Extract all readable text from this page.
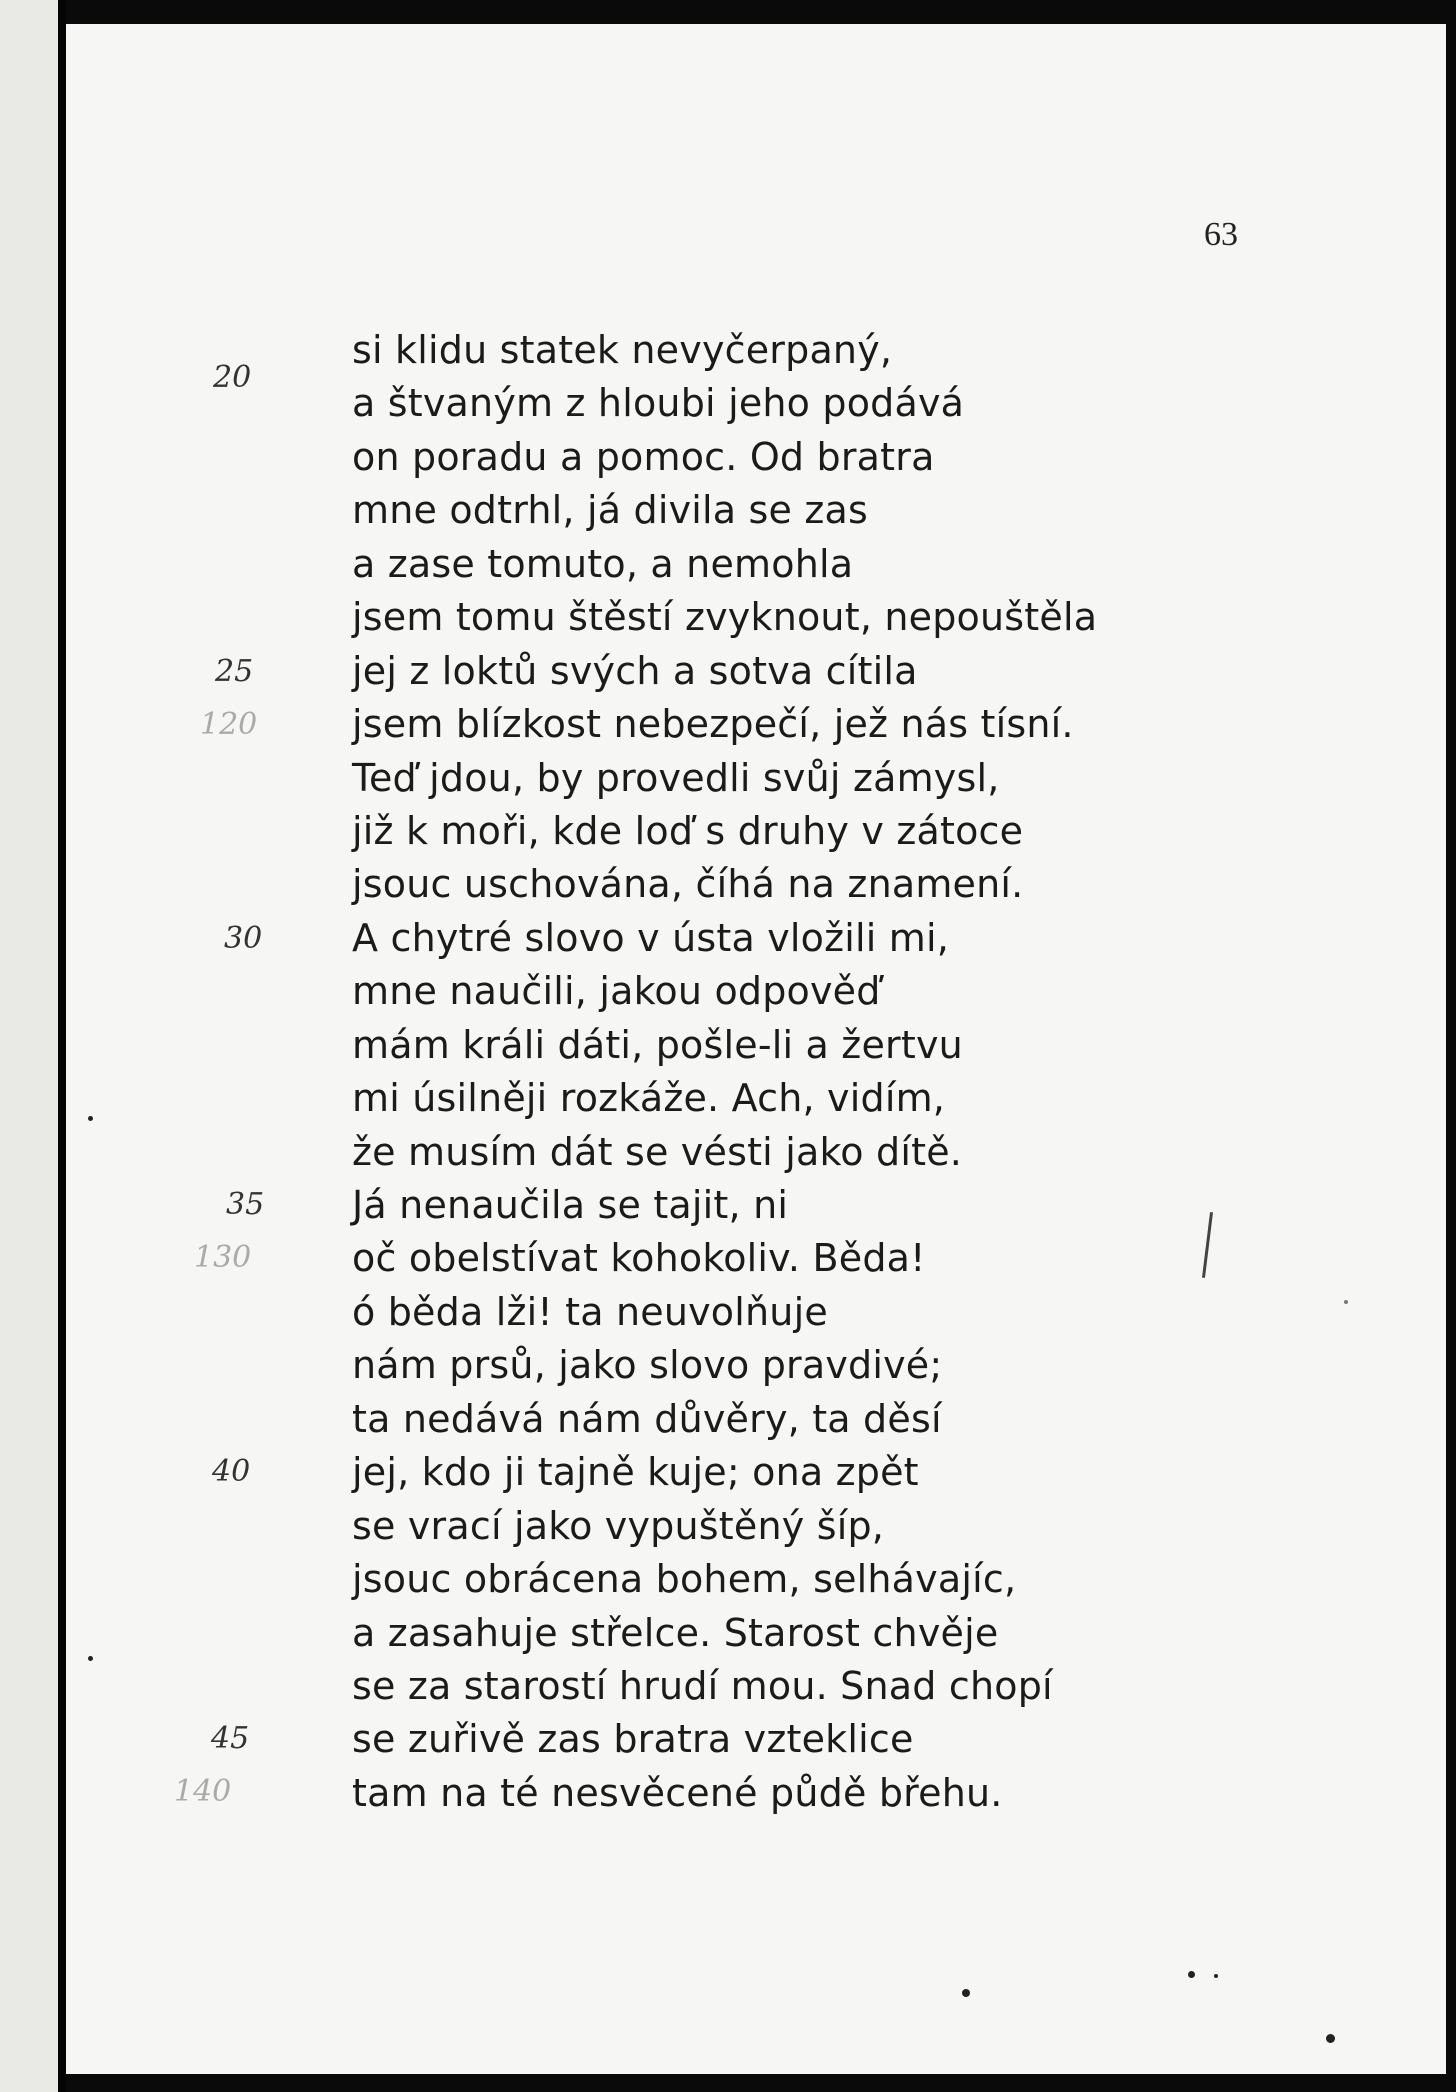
63

si klidu statek nevyčerpaný,
a štvaným z hloubi jeho podává
on poradu a pomoc. Od bratra
mne odtrhl, já divila se zas
a zase tomuto, a nemohla
jsem tomu štěstí zvyknout, nepouštěla
jej z loktů svých a sotva cítila
jsem blízkost nebezpečí, jež nás tísní.
Teď jdou, by provedli svůj zámysl,
již k moři, kde loď s druhy v zátoce
jsouc uschována, číhá na znamení.
A chytré slovo v ústa vložili mi,
mne naučili, jakou odpověď
mám králi dáti, pošle-li a žertvu
mi úsilněji rozkáže. Ach, vidím,
že musím dát se vésti jako dítě.
Já nenaučila se tajit, ni
oč obelstívat kohokoliv. Běda!
ó běda lži! ta neuvolňuje
nám prsů, jako slovo pravdivé;
ta nedává nám důvěry, ta děsí
jej, kdo ji tajně kuje; ona zpět
se vrací jako vypuštěný šíp,
jsouc obrácena bohem, selhávajíc,
a zasahuje střelce. Starost chvěje
se za starostí hrudí mou. Snad chopí
se zuřivě zas bratra vzteklice
tam na té nesvěcené půdě břehu.
20
25
120
30
35
130
40
45
140
